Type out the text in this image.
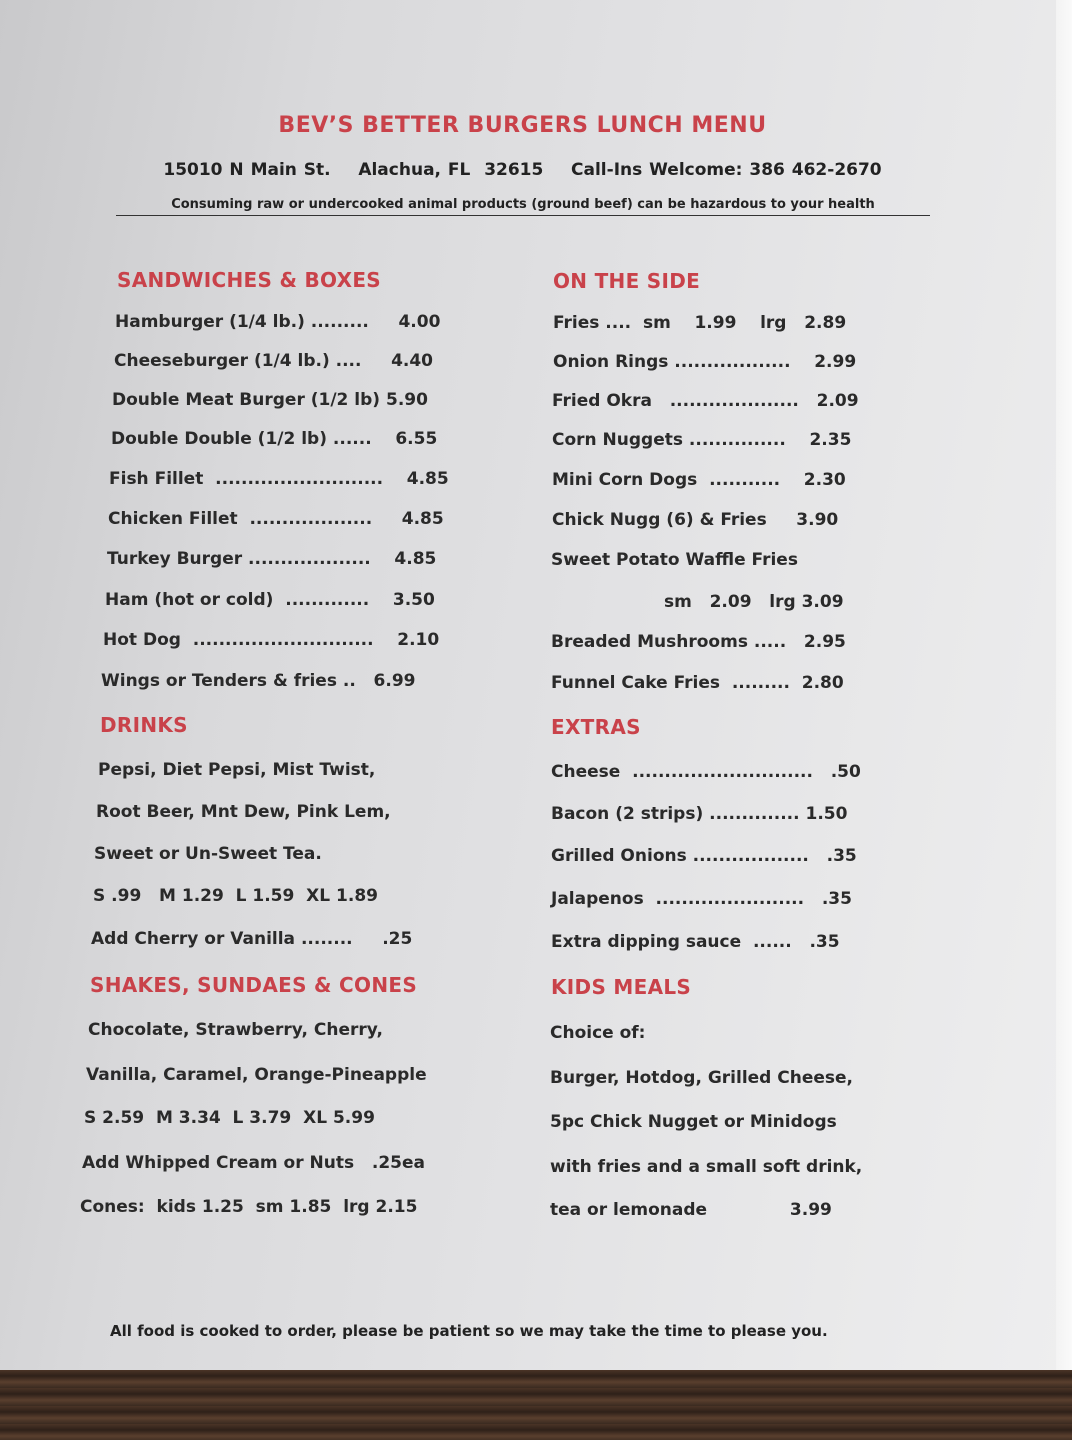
BEV’S BETTER BURGERS LUNCH MENU
15010 N Main St. Alachua, FL  32615 Call-Ins Welcome: 386 462-2670
Consuming raw or undercooked animal products (ground beef) can be hazardous to your health
SANDWICHES & BOXES
Hamburger (1/4 lb.) .........     4.00
Cheeseburger (1/4 lb.) ....     4.40
Double Meat Burger (1/2 lb) 5.90
Double Double (1/2 lb) ......    6.55
Fish Fillet  ..........................    4.85
Chicken Fillet  ...................     4.85
Turkey Burger ...................    4.85
Ham (hot or cold)  .............    3.50
Hot Dog  ............................    2.10
Wings or Tenders & fries ..   6.99
DRINKS
Pepsi, Diet Pepsi, Mist Twist,
Root Beer, Mnt Dew, Pink Lem,
Sweet or Un-Sweet Tea.
S .99   M 1.29  L 1.59  XL 1.89
Add Cherry or Vanilla ........     .25
SHAKES, SUNDAES & CONES
Chocolate, Strawberry, Cherry,
Vanilla, Caramel, Orange-Pineapple
S 2.59  M 3.34  L 3.79  XL 5.99
Add Whipped Cream or Nuts   .25ea
Cones:  kids 1.25  sm 1.85  lrg 2.15
ON THE SIDE
Fries ....  sm    1.99    lrg   2.89
Onion Rings ..................    2.99
Fried Okra   ....................   2.09
Corn Nuggets ...............    2.35
Mini Corn Dogs  ...........    2.30
Chick Nugg (6) & Fries     3.90
Sweet Potato Waffle Fries
sm   2.09   lrg 3.09
Breaded Mushrooms .....   2.95
Funnel Cake Fries  .........  2.80
EXTRAS
Cheese  ............................   .50
Bacon (2 strips) .............. 1.50
Grilled Onions ..................   .35
Jalapenos  .......................   .35
Extra dipping sauce  ......   .35
KIDS MEALS
Choice of:
Burger, Hotdog, Grilled Cheese,
5pc Chick Nugget or Minidogs
with fries and a small soft drink,
tea or lemonade              3.99
All food is cooked to order, please be patient so we may take the time to please you.
